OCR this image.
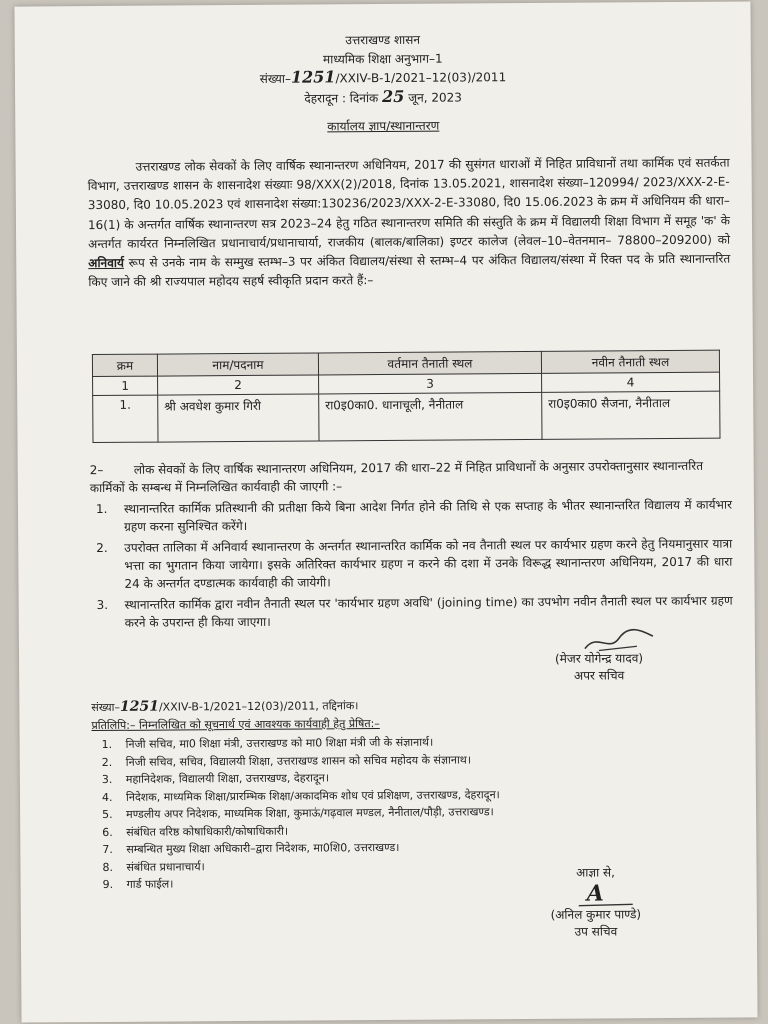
उत्तराखण्ड शासन
माध्यमिक शिक्षा अनुभाग–1
संख्या–1251/XXIV-B-1/2021–12(03)/2011
देहरादून : दिनांक 25 जून, 2023
कार्यालय ज्ञाप/स्थानान्तरण

उत्तराखण्ड लोक सेवकों के लिए वार्षिक स्थानान्तरण अधिनियम, 2017 की सुसंगत धाराओं में निहित प्राविधानों तथा कार्मिक एवं सतर्कता विभाग, उत्तराखण्ड शासन के शासनादेश संख्याः 98/XXX(2)/2018, दिनांक 13.05.2021, शासनादेश संख्या–120994/ 2023/XXX-2-E-33080, दि0 10.05.2023 एवं शासनादेश संख्या:130236/2023/XXX-2-E-33080, दि0 15.06.2023 के क्रम में अधिनियम की धारा–16(1) के अन्तर्गत वार्षिक स्थानान्तरण सत्र 2023–24 हेतु गठित स्थानान्तरण समिति की संस्तुति के क्रम में विद्यालयी शिक्षा विभाग में समूह 'क' के अन्तर्गत कार्यरत निम्नलिखित प्रधानाचार्य/प्रधानाचार्या, राजकीय (बालक/बालिका) इण्टर कालेज (लेवल–10–वेतनमान– 78800–209200) को अनिवार्य रूप से उनके नाम के सम्मुख स्तम्भ–3 पर अंकित विद्यालय/संस्था से स्तम्भ–4 पर अंकित विद्यालय/संस्था में रिक्त पद के प्रति स्थानान्तरित किए जाने की श्री राज्यपाल महोदय सहर्ष स्वीकृति प्रदान करते हैं:–

क्रम	नाम/पदनाम	वर्तमान तैनाती स्थल	नवीन तैनाती स्थल
1	2	3	4
1.	श्री अवधेश कुमार गिरी	रा0इ0का0. धानाचूली, नैनीताल	रा0इ0का0 सैजना, नैनीताल
2–	लोक सेवकों के लिए वार्षिक स्थानान्तरण अधिनियम, 2017 की धारा–22 में निहित प्राविधानों के अनुसार उपरोक्तानुसार स्थानान्तरित कार्मिकों के सम्बन्ध में निम्नलिखित कार्यवाही की जाएगी :–
1. स्थानान्तरित कार्मिक प्रतिस्थानी की प्रतीक्षा किये बिना आदेश निर्गत होने की तिथि से एक सप्ताह के भीतर स्थानान्तरित विद्यालय में कार्यभार ग्रहण करना सुनिश्चित करेंगे।
2. उपरोक्त तालिका में अनिवार्य स्थानान्तरण के अन्तर्गत स्थानान्तरित कार्मिक को नव तैनाती स्थल पर कार्यभार ग्रहण करने हेतु नियमानुसार यात्रा भत्ता का भुगतान किया जायेगा। इसके अतिरिक्त कार्यभार ग्रहण न करने की दशा में उनके विरूद्ध स्थानान्तरण अधिनियम, 2017 की धारा 24 के अन्तर्गत दण्डात्मक कार्यवाही की जायेगी।
3. स्थानान्तरित कार्मिक द्वारा नवीन तैनाती स्थल पर 'कार्यभार ग्रहण अवधि' (joining time) का उपभोग नवीन तैनाती स्थल पर कार्यभार ग्रहण करने के उपरान्त ही किया जाएगा।
(मेजर योगेन्द्र यादव)
अपर सचिव
संख्या–1251/XXIV-B-1/2021–12(03)/2011, तद्दिनांक।
प्रतिलिपि:– निम्नलिखित को सूचनार्थ एवं आवश्यक कार्यवाही हेतु प्रेषित:–
1. निजी सचिव, मा0 शिक्षा मंत्री, उत्तराखण्ड को मा0 शिक्षा मंत्री जी के संज्ञानार्थ।
2. निजी सचिव, सचिव, विद्यालयी शिक्षा, उत्तराखण्ड शासन को सचिव महोदय के संज्ञानाथ।
3. महानिदेशक, विद्यालयी शिक्षा, उत्तराखण्ड, देहरादून।
4. निदेशक, माध्यमिक शिक्षा/प्रारम्भिक शिक्षा/अकादमिक शोध एवं प्रशिक्षण, उत्तराखण्ड, देहरादून।
5. मण्डलीय अपर निदेशक, माध्यमिक शिक्षा, कुमाऊं/गढ़वाल मण्डल, नैनीताल/पौड़ी, उत्तराखण्ड।
6. संबंधित वरिष्ठ कोषाधिकारी/कोषाधिकारी।
7. सम्बन्धित मुख्य शिक्षा अधिकारी–द्वारा निदेशक, मा0शि0, उत्तराखण्ड।
8. संबंधित प्रधानाचार्य।
9. गार्ड फाईल।
आज्ञा से,
A
(अनिल कुमार पाण्डे)
उप सचिव
